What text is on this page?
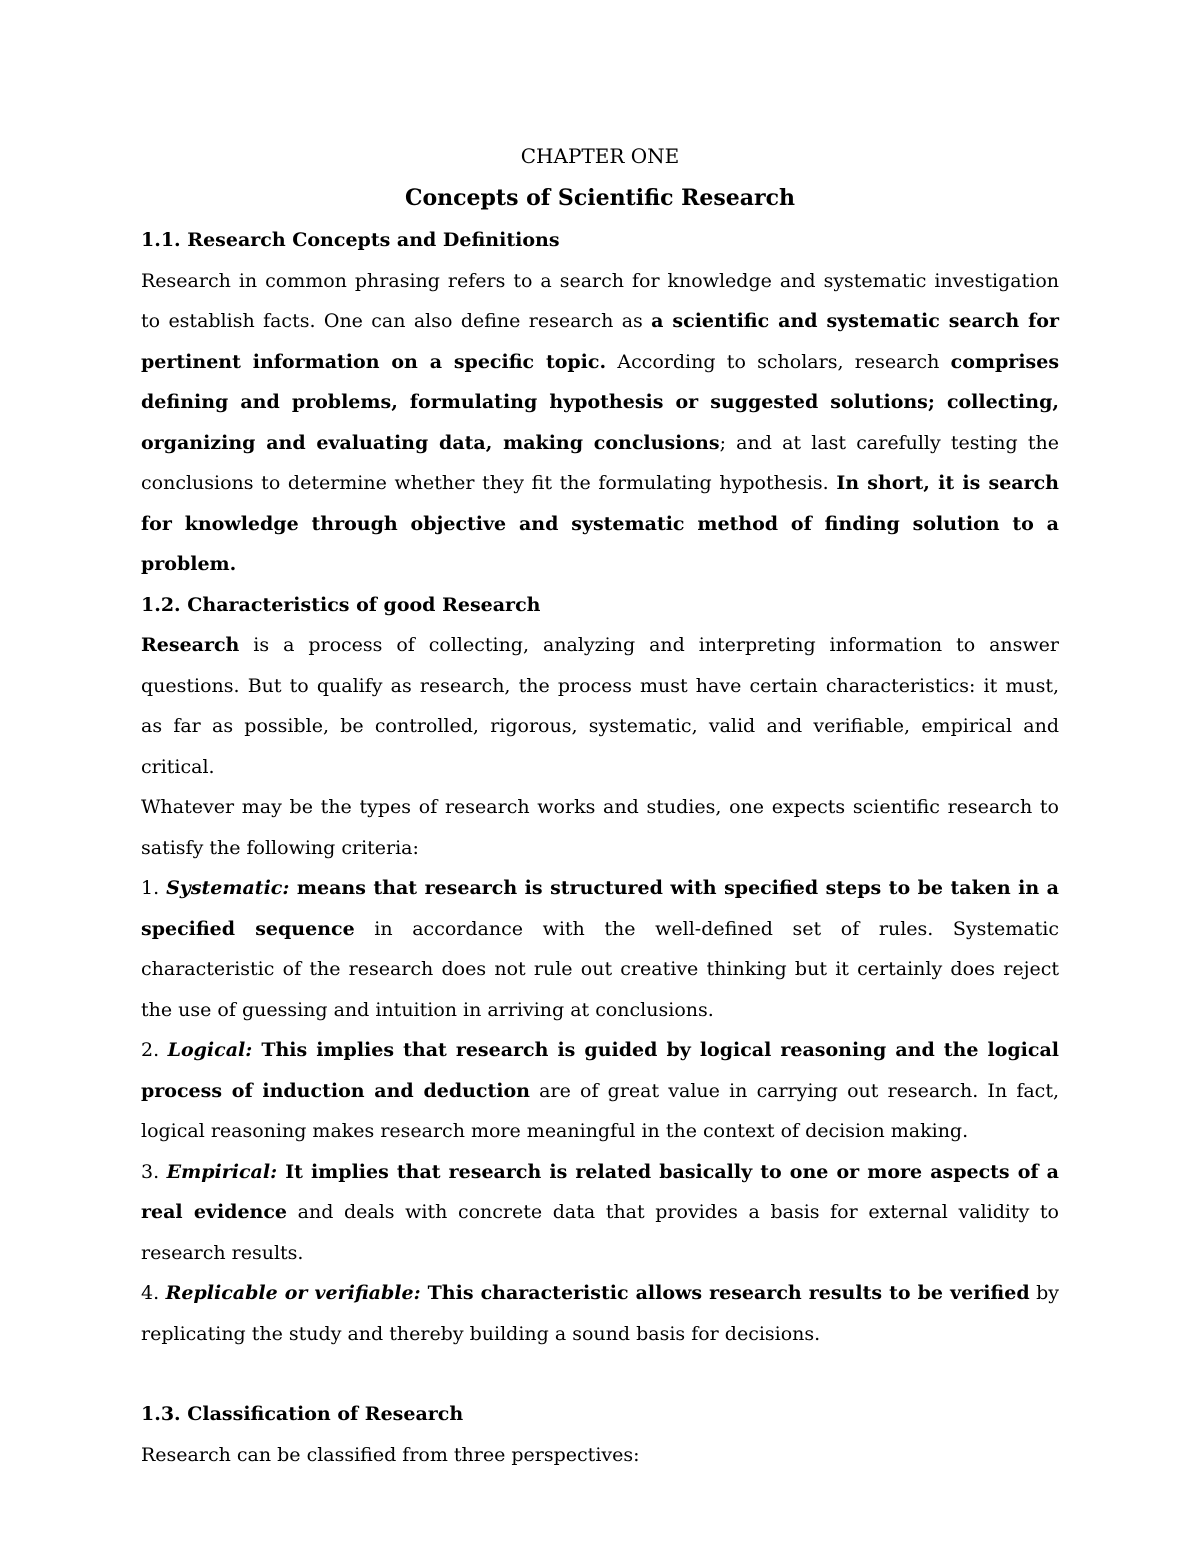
CHAPTER ONE

Concepts of Scientific Research

1.1. Research Concepts and Definitions

Research in common phrasing refers to a search for knowledge and systematic investigation to establish facts. One can also define research as a scientific and systematic search for pertinent information on a specific topic. According to scholars, research comprises defining and problems, formulating hypothesis or suggested solutions; collecting, organizing and evaluating data, making conclusions; and at last carefully testing the conclusions to determine whether they fit the formulating hypothesis. In short, it is search for knowledge through objective and systematic method of finding solution to a problem.

1.2. Characteristics of good Research

Research is a process of collecting, analyzing and interpreting information to answer questions. But to qualify as research, the process must have certain characteristics: it must, as far as possible, be controlled, rigorous, systematic, valid and verifiable, empirical and critical.

Whatever may be the types of research works and studies, one expects scientific research to satisfy the following criteria:

1. Systematic: means that research is structured with specified steps to be taken in a specified sequence in accordance with the well-defined set of rules. Systematic characteristic of the research does not rule out creative thinking but it certainly does reject the use of guessing and intuition in arriving at conclusions.

2. Logical: This implies that research is guided by logical reasoning and the logical process of induction and deduction are of great value in carrying out research. In fact, logical reasoning makes research more meaningful in the context of decision making.

3. Empirical: It implies that research is related basically to one or more aspects of a real evidence and deals with concrete data that provides a basis for external validity to research results.

4. Replicable or verifiable: This characteristic allows research results to be verified by replicating the study and thereby building a sound basis for decisions.

1.3. Classification of Research

Research can be classified from three perspectives:
